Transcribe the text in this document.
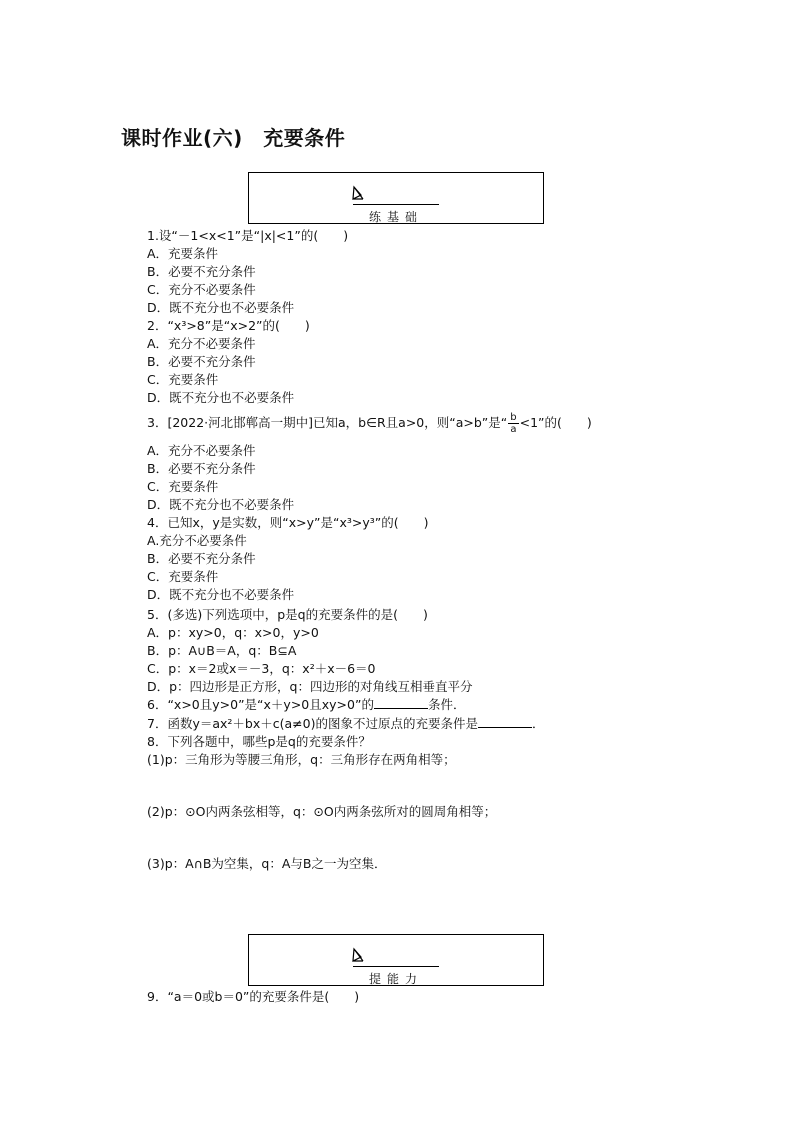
课时作业(六)　充要条件
练基础
1.设“－1<x<1”是“|x|<1”的(　　)
A．充要条件
B．必要不充分条件
C．充分不必要条件
D．既不充分也不必要条件
2．“x³>8”是“x>2”的(　　)
A．充分不必要条件
B．必要不充分条件
C．充要条件
D．既不充分也不必要条件
3．[2022·河北邯郸高一期中]已知a，b∈R且a>0，则“a>b”是“ $\frac{b}{a} <1$”的(　　)
A．充分不必要条件
B．必要不充分条件
C．充要条件
D．既不充分也不必要条件
4．已知x，y是实数，则“x>y”是“x³>y³”的(　　)
A.充分不必要条件
B．必要不充分条件
C．充要条件
D．既不充分也不必要条件
5．(多选)下列选项中，p是q的充要条件的是(　　)
A．p：xy>0，q：x>0，y>0
B．p：A∪B＝A，q：B⊆A
C．p：x＝2或x＝－3，q：x²＋x－6＝0
D．p：四边形是正方形，q：四边形的对角线互相垂直平分
6．“x>0且y>0”是“x＋y>0且xy>0”的	条件．
7．函数y＝ax²＋bx＋c(a≠0)的图象不过原点的充要条件是	．
8．下列各题中，哪些p是q的充要条件？
(1)p：三角形为等腰三角形，q：三角形存在两角相等；
(2)p：⊙O内两条弦相等，q：⊙O内两条弦所对的圆周角相等；
(3)p：A∩B为空集，q：A与B之一为空集．
提能力
9．“a＝0或b＝0”的充要条件是(　　)
